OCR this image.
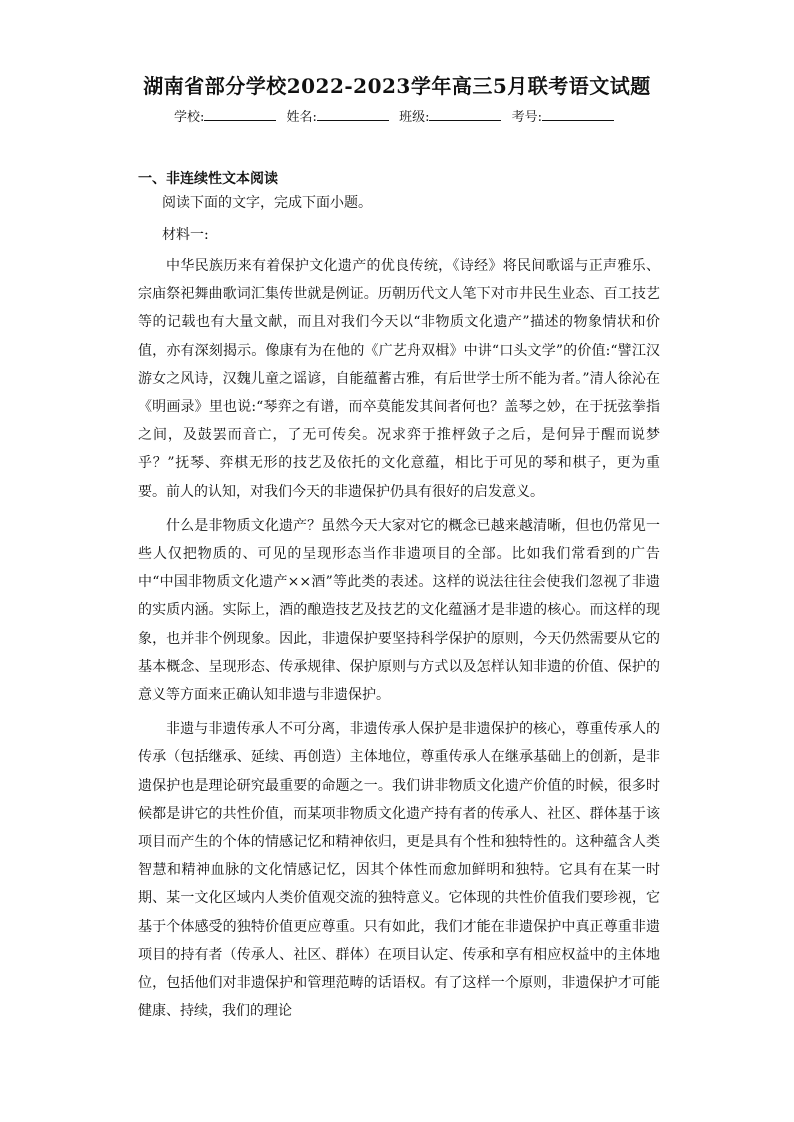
湖南省部分学校2022-2023学年高三5月联考语文试题
学校:	姓名:	班级:	考号:
一、非连续性文本阅读
阅读下面的文字，完成下面小题。
材料一:

中华民族历来有着保护文化遗产的优良传统，《诗经》将民间歌谣与正声雅乐、宗庙祭祀舞曲歌词汇集传世就是例证。历朝历代文人笔下对市井民生业态、百工技艺等的记载也有大量文献，而且对我们今天以“非物质文化遗产”描述的物象情状和价值，亦有深刻揭示。像康有为在他的《广艺舟双楫》中讲“口头文学”的价值:“譬江汉游女之风诗，汉魏儿童之谣谚，自能蕴蓄古雅，有后世学士所不能为者。”清人徐沁在《明画录》里也说:“琴弈之有谱，而卒莫能发其间者何也？盖琴之妙，在于抚弦拳指之间，及鼓罢而音亡，了无可传矣。况求弈于推枰敛子之后，是何异于醒而说梦乎？”抚琴、弈棋无形的技艺及依托的文化意蕴，相比于可见的琴和棋子，更为重要。前人的认知，对我们今天的非遗保护仍具有很好的启发意义。

什么是非物质文化遗产？虽然今天大家对它的概念已越来越清晰，但也仍常见一些人仅把物质的、可见的呈现形态当作非遗项目的全部。比如我们常看到的广告中“中国非物质文化遗产××酒”等此类的表述。这样的说法往往会使我们忽视了非遗的实质内涵。实际上，酒的酿造技艺及技艺的文化蕴涵才是非遗的核心。而这样的现象，也并非个例现象。因此，非遗保护要坚持科学保护的原则，今天仍然需要从它的基本概念、呈现形态、传承规律、保护原则与方式以及怎样认知非遗的价值、保护的意义等方面来正确认知非遗与非遗保护。

非遗与非遗传承人不可分离，非遗传承人保护是非遗保护的核心，尊重传承人的传承（包括继承、延续、再创造）主体地位，尊重传承人在继承基础上的创新，是非遗保护也是理论研究最重要的命题之一。我们讲非物质文化遗产价值的时候，很多时候都是讲它的共性价值，而某项非物质文化遗产持有者的传承人、社区、群体基于该项目而产生的个体的情感记忆和精神依归，更是具有个性和独特性的。这种蕴含人类智慧和精神血脉的文化情感记忆，因其个体性而愈加鲜明和独特。它具有在某一时期、某一文化区域内人类价值观交流的独特意义。它体现的共性价值我们要珍视，它基于个体感受的独特价值更应尊重。只有如此，我们才能在非遗保护中真正尊重非遗项目的持有者（传承人、社区、群体）在项目认定、传承和享有相应权益中的主体地位，包括他们对非遗保护和管理范畴的话语权。有了这样一个原则，非遗保护才可能健康、持续，我们的理论
